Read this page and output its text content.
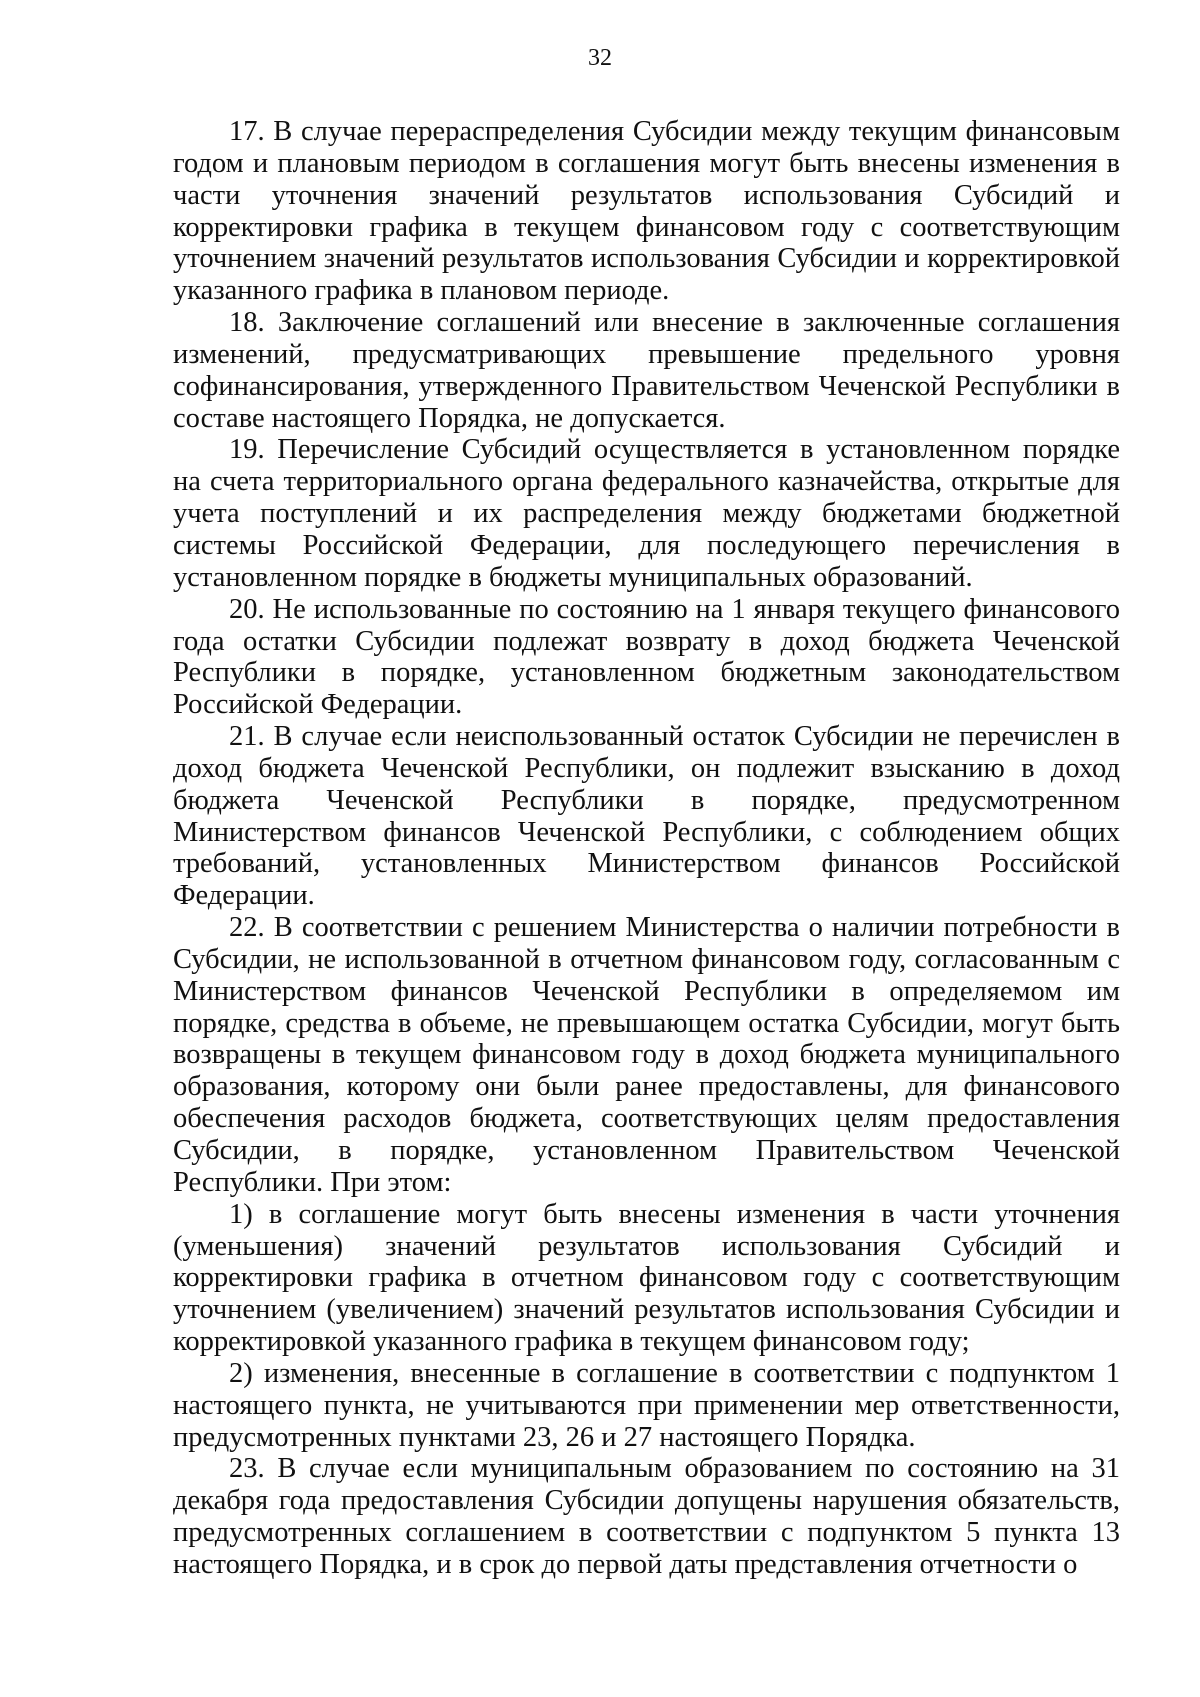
32

17. В случае перераспределения Субсидии между текущим финансовым годом и плановым периодом в соглашения могут быть внесены изменения в части уточнения значений результатов использования Субсидий и корректировки графика в текущем финансовом году с соответствующим уточнением значений результатов использования Субсидии и корректировкой указанного графика в плановом периоде.

18. Заключение соглашений или внесение в заключенные соглашения изменений, предусматривающих превышение предельного уровня софинансирования, утвержденного Правительством Чеченской Республики в составе настоящего Порядка, не допускается.

19. Перечисление Субсидий осуществляется в установленном порядке на счета территориального органа федерального казначейства, открытые для учета поступлений и их распределения между бюджетами бюджетной системы Российской Федерации, для последующего перечисления в установленном порядке в бюджеты муниципальных образований.

20. Не использованные по состоянию на 1 января текущего финансового года остатки Субсидии подлежат возврату в доход бюджета Чеченской Республики в порядке, установленном бюджетным законодательством Российской Федерации.

21. В случае если неиспользованный остаток Субсидии не перечислен в доход бюджета Чеченской Республики, он подлежит взысканию в доход бюджета Чеченской Республики в порядке, предусмотренном Министерством финансов Чеченской Республики, с соблюдением общих требований, установленных Министерством финансов Российской Федерации.

22. В соответствии с решением Министерства о наличии потребности в Субсидии, не использованной в отчетном финансовом году, согласованным с Министерством финансов Чеченской Республики в определяемом им порядке, средства в объеме, не превышающем остатка Субсидии, могут быть возвращены в текущем финансовом году в доход бюджета муниципального образования, которому они были ранее предоставлены, для финансового обеспечения расходов бюджета, соответствующих целям предоставления Субсидии, в порядке, установленном Правительством Чеченской Республики. При этом:

1) в соглашение могут быть внесены изменения в части уточнения (уменьшения) значений результатов использования Субсидий и корректировки графика в отчетном финансовом году с соответствующим уточнением (увеличением) значений результатов использования Субсидии и корректировкой указанного графика в текущем финансовом году;

2) изменения, внесенные в соглашение в соответствии с подпунктом 1 настоящего пункта, не учитываются при применении мер ответственности, предусмотренных пунктами 23, 26 и 27 настоящего Порядка.

23. В случае если муниципальным образованием по состоянию на 31 декабря года предоставления Субсидии допущены нарушения обязательств, предусмотренных соглашением в соответствии с подпунктом 5 пункта 13 настоящего Порядка, и в срок до первой даты представления отчетности о
